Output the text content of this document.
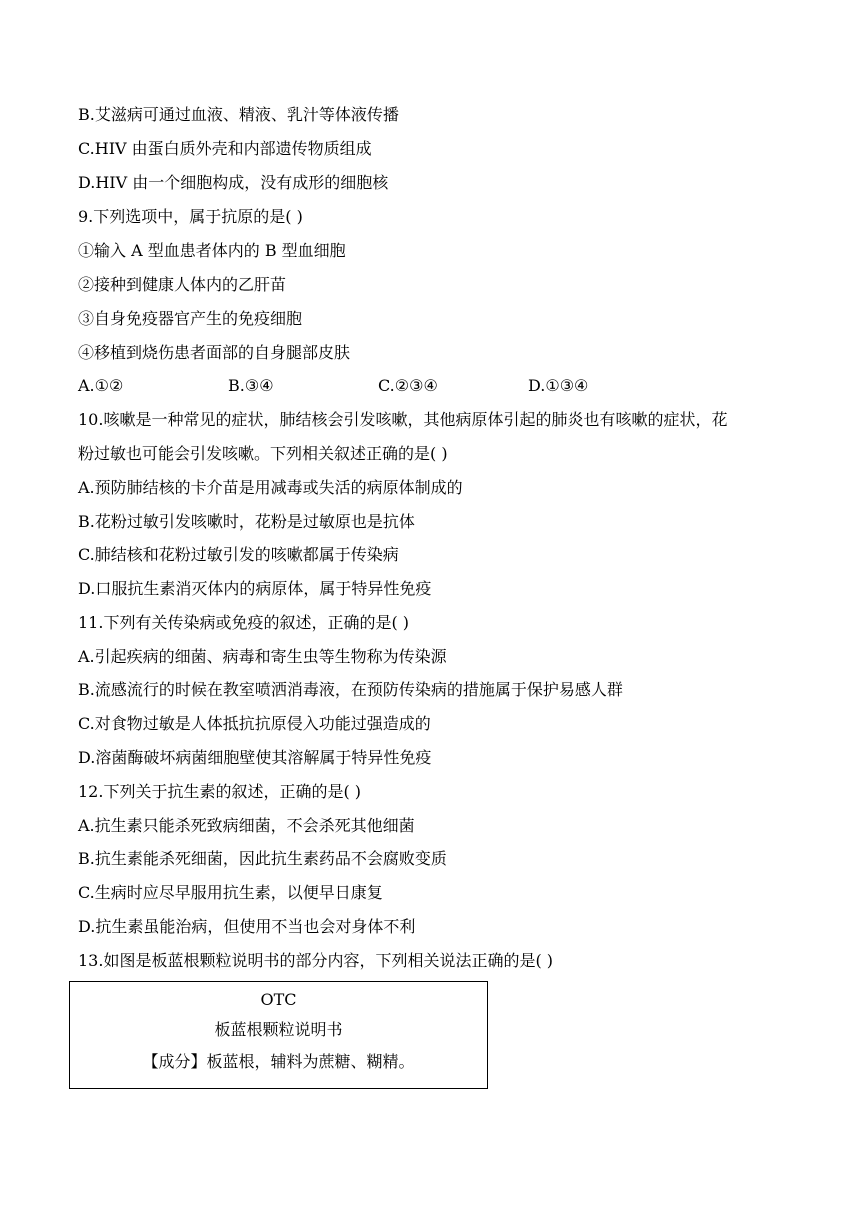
B.艾滋病可通过血液、精液、乳汁等体液传播
C.HIV 由蛋白质外壳和内部遗传物质组成
D.HIV 由一个细胞构成，没有成形的细胞核
9.下列选项中，属于抗原的是( )
①输入 A 型血患者体内的 B 型血细胞
②接种到健康人体内的乙肝苗
③自身免疫器官产生的免疫细胞
④移植到烧伤患者面部的自身腿部皮肤
A.①②	B.③④	C.②③④	D.①③④
10.咳嗽是一种常见的症状，肺结核会引发咳嗽，其他病原体引起的肺炎也有咳嗽的症状，花
粉过敏也可能会引发咳嗽。下列相关叙述正确的是( )
A.预防肺结核的卡介苗是用减毒或失活的病原体制成的
B.花粉过敏引发咳嗽时，花粉是过敏原也是抗体
C.肺结核和花粉过敏引发的咳嗽都属于传染病
D.口服抗生素消灭体内的病原体，属于特异性免疫
11.下列有关传染病或免疫的叙述，正确的是( )
A.引起疾病的细菌、病毒和寄生虫等生物称为传染源
B.流感流行的时候在教室喷洒消毒液，在预防传染病的措施属于保护易感人群
C.对食物过敏是人体抵抗抗原侵入功能过强造成的
D.溶菌酶破坏病菌细胞壁使其溶解属于特异性免疫
12.下列关于抗生素的叙述，正确的是( )
A.抗生素只能杀死致病细菌，不会杀死其他细菌
B.抗生素能杀死细菌，因此抗生素药品不会腐败变质
C.生病时应尽早服用抗生素，以便早日康复
D.抗生素虽能治病，但使用不当也会对身体不利
13.如图是板蓝根颗粒说明书的部分内容，下列相关说法正确的是( )
OTC
板蓝根颗粒说明书
【成分】板蓝根，辅料为蔗糖、糊精。
